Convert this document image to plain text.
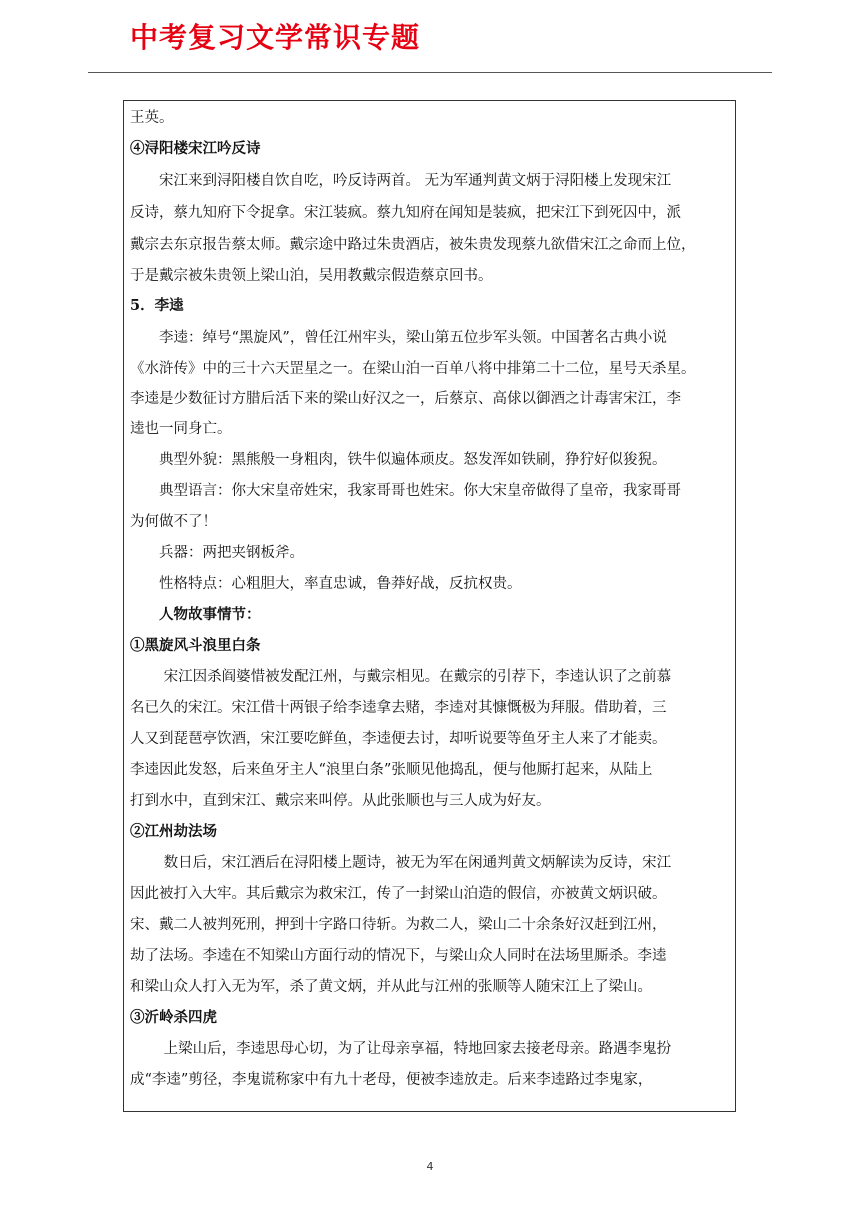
中考复习文学常识专题
王英。
④浔阳楼宋江吟反诗
　　宋江来到浔阳楼自饮自吃，吟反诗两首。 无为军通判黄文炳于浔阳楼上发现宋江
反诗，蔡九知府下令捉拿。宋江装疯。蔡九知府在闻知是装疯，把宋江下到死囚中，派
戴宗去东京报告蔡太师。戴宗途中路过朱贵酒店，被朱贵发现蔡九欲借宋江之命而上位，
于是戴宗被朱贵领上梁山泊，吴用教戴宗假造蔡京回书。
5．李逵
　　李逵：绰号“黑旋风”，曾任江州牢头，梁山第五位步军头领。中国著名古典小说
《水浒传》中的三十六天罡星之一。在梁山泊一百单八将中排第二十二位，星号天杀星。
李逵是少数征讨方腊后活下来的梁山好汉之一，后蔡京、高俅以御酒之计毒害宋江，李
逵也一同身亡。
　　典型外貌：黑熊般一身粗肉，铁牛似遍体顽皮。怒发浑如铁刷，狰狞好似狻猊。
　　典型语言：你大宋皇帝姓宋，我家哥哥也姓宋。你大宋皇帝做得了皇帝，我家哥哥
为何做不了！
　　兵器：两把夹钢板斧。
　　性格特点：心粗胆大，率直忠诚，鲁莽好战，反抗权贵。
　　人物故事情节：
①黑旋风斗浪里白条
　　 宋江因杀阎婆惜被发配江州，与戴宗相见。在戴宗的引荐下，李逵认识了之前慕
名已久的宋江。宋江借十两银子给李逵拿去赌，李逵对其慷慨极为拜服。借助着，三
人又到琵琶亭饮酒，宋江要吃鲜鱼，李逵便去讨，却听说要等鱼牙主人来了才能卖。
李逵因此发怒，后来鱼牙主人“浪里白条”张顺见他捣乱，便与他厮打起来，从陆上
打到水中，直到宋江、戴宗来叫停。从此张顺也与三人成为好友。
②江州劫法场
　　 数日后，宋江酒后在浔阳楼上题诗，被无为军在闲通判黄文炳解读为反诗，宋江
因此被打入大牢。其后戴宗为救宋江，传了一封梁山泊造的假信，亦被黄文炳识破。
宋、戴二人被判死刑，押到十字路口待斩。为救二人，梁山二十余条好汉赶到江州，
劫了法场。李逵在不知梁山方面行动的情况下，与梁山众人同时在法场里厮杀。李逵
和梁山众人打入无为军，杀了黄文炳，并从此与江州的张顺等人随宋江上了梁山。
③沂岭杀四虎
　　 上梁山后，李逵思母心切，为了让母亲享福，特地回家去接老母亲。路遇李鬼扮
成“李逵”剪径，李鬼谎称家中有九十老母，便被李逵放走。后来李逵路过李鬼家，
4
